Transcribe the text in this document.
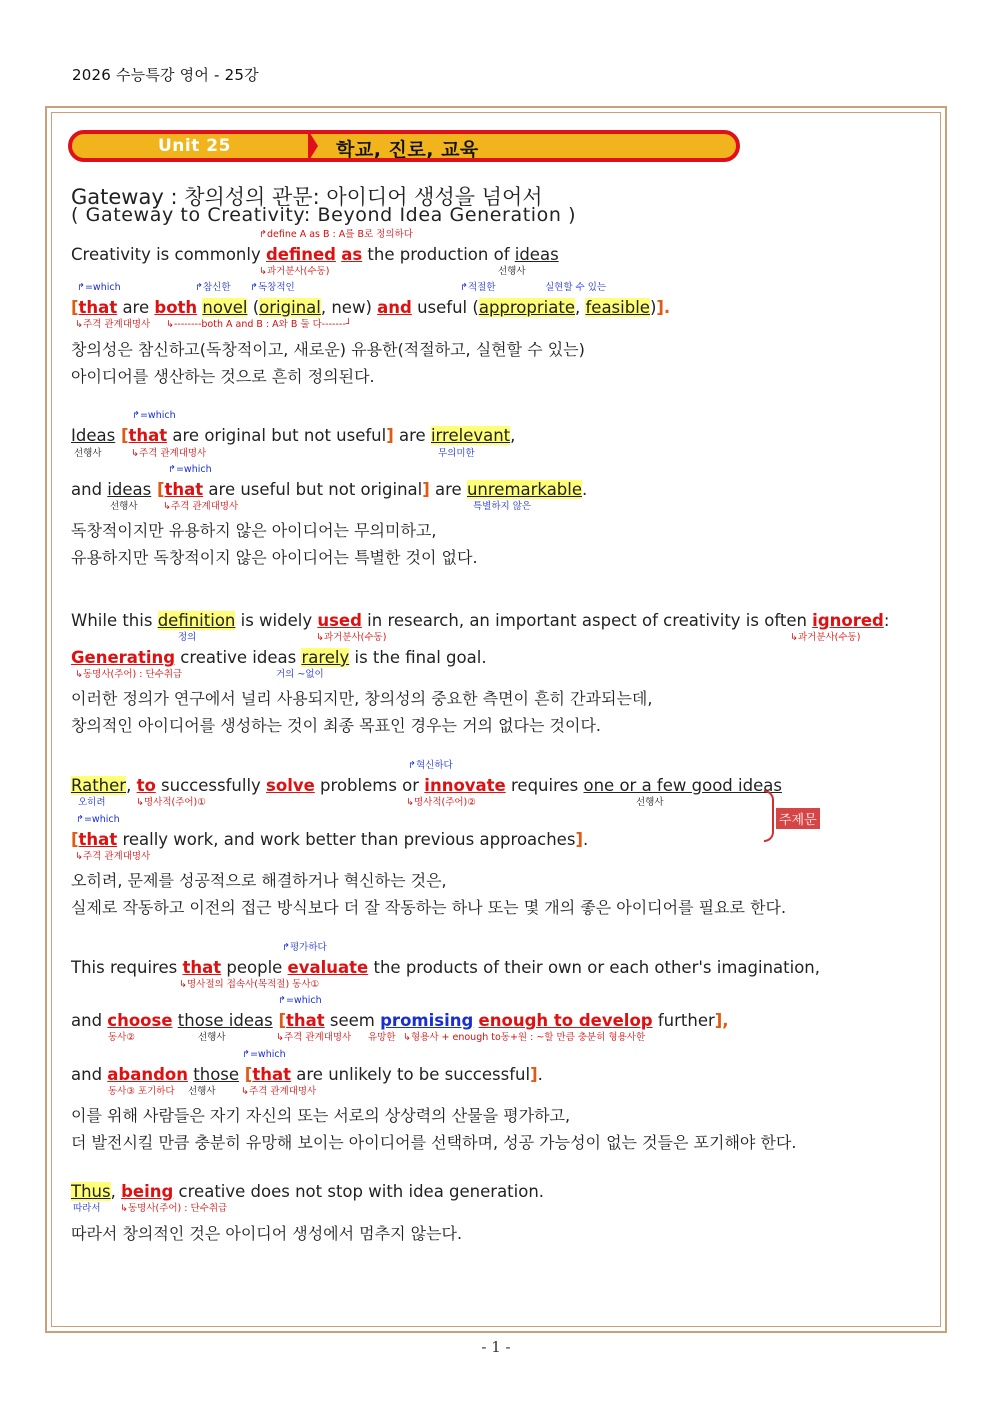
2026 수능특강 영어 - 25강
Unit 25	학교, 진로, 교육
Gateway : 창의성의 관문: 아이디어 생성을 넘어서
( Gateway to Creativity: Beyond Idea Generation )
↱define A as B : A를 B로 정의하다
Creativity is commonly defined as the production of ideas
↳과거분사(수동)	선행사
↱=which	↱참신한 ↱독창적인	↱적절한	실현할 수 있는
[that are both novel (original, new) and useful (appropriate, feasible)].
↳주격 관계대명사 ↳--------both A and B : A와 B 둘 다-------┘
창의성은 참신하고(독창적이고, 새로운) 유용한(적절하고, 실현할 수 있는)
아이디어를 생산하는 것으로 흔히 정의된다.
↱=which
Ideas [that are original but not useful] are irrelevant,
선행사	↳주격 관계대명사	무의미한
↱=which
and ideas [that are useful but not original] are unremarkable.
선행사	↳주격 관계대명사	특별하지 않은
독창적이지만 유용하지 않은 아이디어는 무의미하고,
유용하지만 독창적이지 않은 아이디어는 특별한 것이 없다.
While this definition is widely used in research, an important aspect of creativity is often ignored:
정의	↳과거분사(수동)	↳과거분사(수동)
Generating creative ideas rarely is the final goal.
↳동명사(주어) : 단수취급	거의 ~없이
이러한 정의가 연구에서 널리 사용되지만, 창의성의 중요한 측면이 흔히 간과되는데,
창의적인 아이디어를 생성하는 것이 최종 목표인 경우는 거의 없다는 것이다.
↱혁신하다
Rather, to successfully solve problems or innovate requires one or a few good ideas
오히려	↳명사적(주어)①	↳명사적(주어)②	선행사
↱=which
[that really work, and work better than previous approaches].
↳주격 관계대명사
주제문
오히려, 문제를 성공적으로 해결하거나 혁신하는 것은,
실제로 작동하고 이전의 접근 방식보다 더 잘 작동하는 하나 또는 몇 개의 좋은 아이디어를 필요로 한다.
↱평가하다
This requires that people evaluate the products of their own or each other's imagination,
↳명사절의 접속사(목적절) 동사①
↱=which
and choose those ideas [that seem promising enough to develop further],
동사②	선행사	↳주격 관계대명사 유망한 ↳형용사 + enough to동+원 : ~할 만큼 충분히 형용사한
↱=which
and abandon those [that are unlikely to be successful].
동사③ 포기하다 선행사	↳주격 관계대명사
이를 위해 사람들은 자기 자신의 또는 서로의 상상력의 산물을 평가하고,
더 발전시킬 만큼 충분히 유망해 보이는 아이디어를 선택하며, 성공 가능성이 없는 것들은 포기해야 한다.
Thus, being creative does not stop with idea generation.
따라서 ↳동명사(주어) : 단수취급
따라서 창의적인 것은 아이디어 생성에서 멈추지 않는다.
- 1 -
